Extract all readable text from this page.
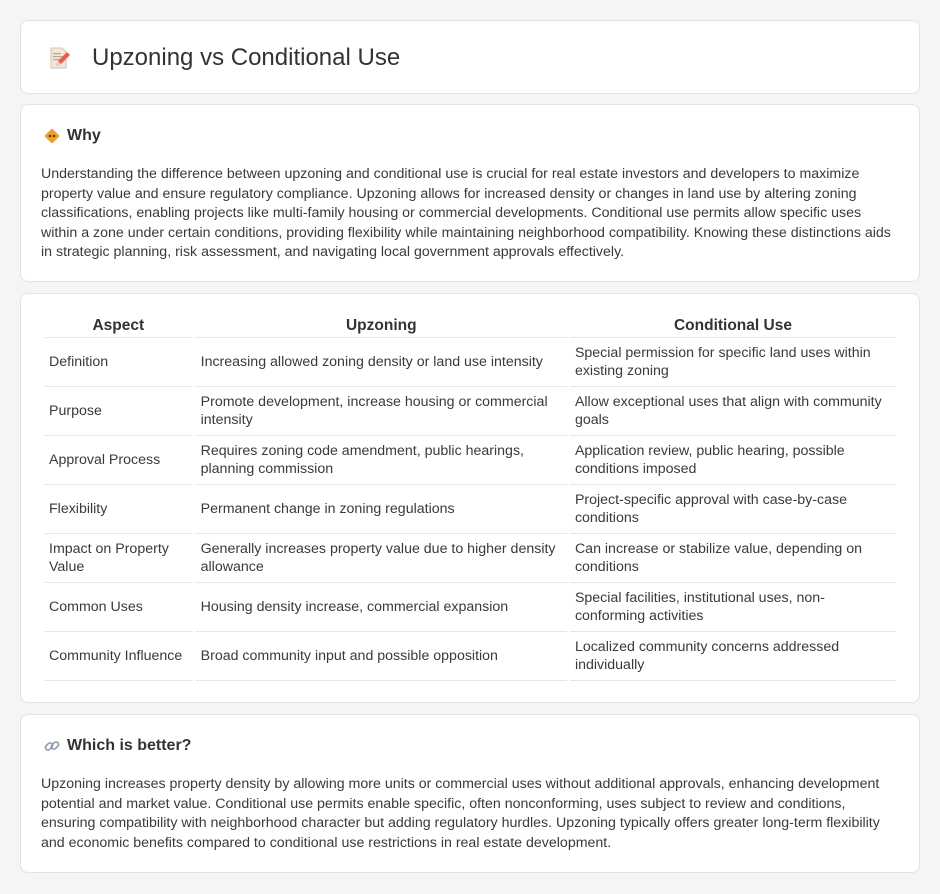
Upzoning vs Conditional Use
Why

Understanding the difference between upzoning and conditional use is crucial for real estate investors and developers to maximize property value and ensure regulatory compliance. Upzoning allows for increased density or changes in land use by altering zoning classifications, enabling projects like multi-family housing or commercial developments. Conditional use permits allow specific uses within a zone under certain conditions, providing flexibility while maintaining neighborhood compatibility. Knowing these distinctions aids in strategic planning, risk assessment, and navigating local government approvals effectively.

Aspect	Upzoning	Conditional Use
Definition	Increasing allowed zoning density or land use intensity	Special permission for specific land uses within existing zoning
Purpose	Promote development, increase housing or commercial intensity	Allow exceptional uses that align with community goals
Approval Process	Requires zoning code amendment, public hearings, planning commission	Application review, public hearing, possible conditions imposed
Flexibility	Permanent change in zoning regulations	Project-specific approval with case-by-case conditions
Impact on Property Value	Generally increases property value due to higher density allowance	Can increase or stabilize value, depending on conditions
Common Uses	Housing density increase, commercial expansion	Special facilities, institutional uses, non-conforming activities
Community Influence	Broad community input and possible opposition	Localized community concerns addressed individually
Which is better?

Upzoning increases property density by allowing more units or commercial uses without additional approvals, enhancing development potential and market value. Conditional use permits enable specific, often nonconforming, uses subject to review and conditions, ensuring compatibility with neighborhood character but adding regulatory hurdles. Upzoning typically offers greater long-term flexibility and economic benefits compared to conditional use restrictions in real estate development.
